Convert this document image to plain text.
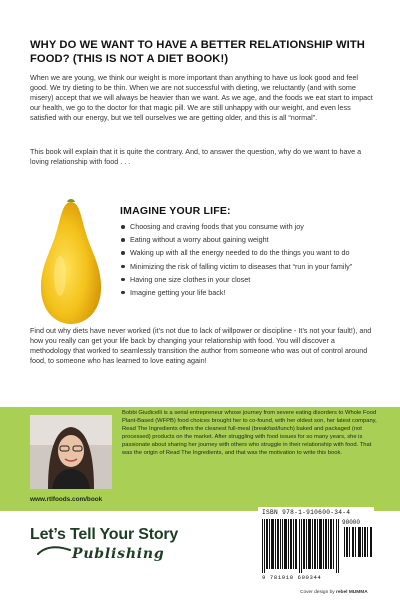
WHY DO WE WANT TO HAVE A BETTER RELATIONSHIP WITH FOOD? (THIS IS NOT A DIET BOOK!)

When we are young, we think our weight is more important than anything to have us look good and feel good. We try dieting to be thin. When we are not successful with dieting, we reluctantly (and with some misery) accept that we will always be heavier than we want. As we age, and the foods we eat start to impact our health, we go to the doctor for that magic pill. We are still unhappy with our weight, and even less satisfied with our energy, but we tell ourselves we are getting older, and this is all “normal”.

This book will explain that it is quite the contrary. And, to answer the question, why do we want to have a loving relationship with food . . .

IMAGINE YOUR LIFE:
Choosing and craving foods that you consume with joy
Eating without a worry about gaining weight
Waking up with all the energy needed to do the things you want to do
Minimizing the risk of falling victim to diseases that “run in your family”
Having one size clothes in your closet
Imagine getting your life back!

Find out why diets have never worked (it’s not due to lack of willpower or discipline - It’s not your fault!), and how you really can get your life back by changing your relationship with food. You will discover a methodology that worked to seamlessly transition the author from someone who was out of control around food, to someone who has learned to love eating again!

Bobbi Giudicelli is a serial entrepreneur whose journey from severe eating disorders to Whole Food Plant-Based (WFPB) food choices brought her to co-found, with her oldest son, her latest company, Read The Ingredients offers the cleanest full-meal (breakfast/lunch) baked and packaged (not processed) products on the market. After struggling with food issues for so many years, she is passionate about sharing her journey with others who struggle in their relationship with food. That was the origin of Read The Ingredients, and that was the motivation to write this book.
www.rtlfoods.com/book
Let’s Tell Your Story
Publishing
ISBN 978-1-910600-34-4
90000
9 781910 600344
Cover design by rebel MUMMA
